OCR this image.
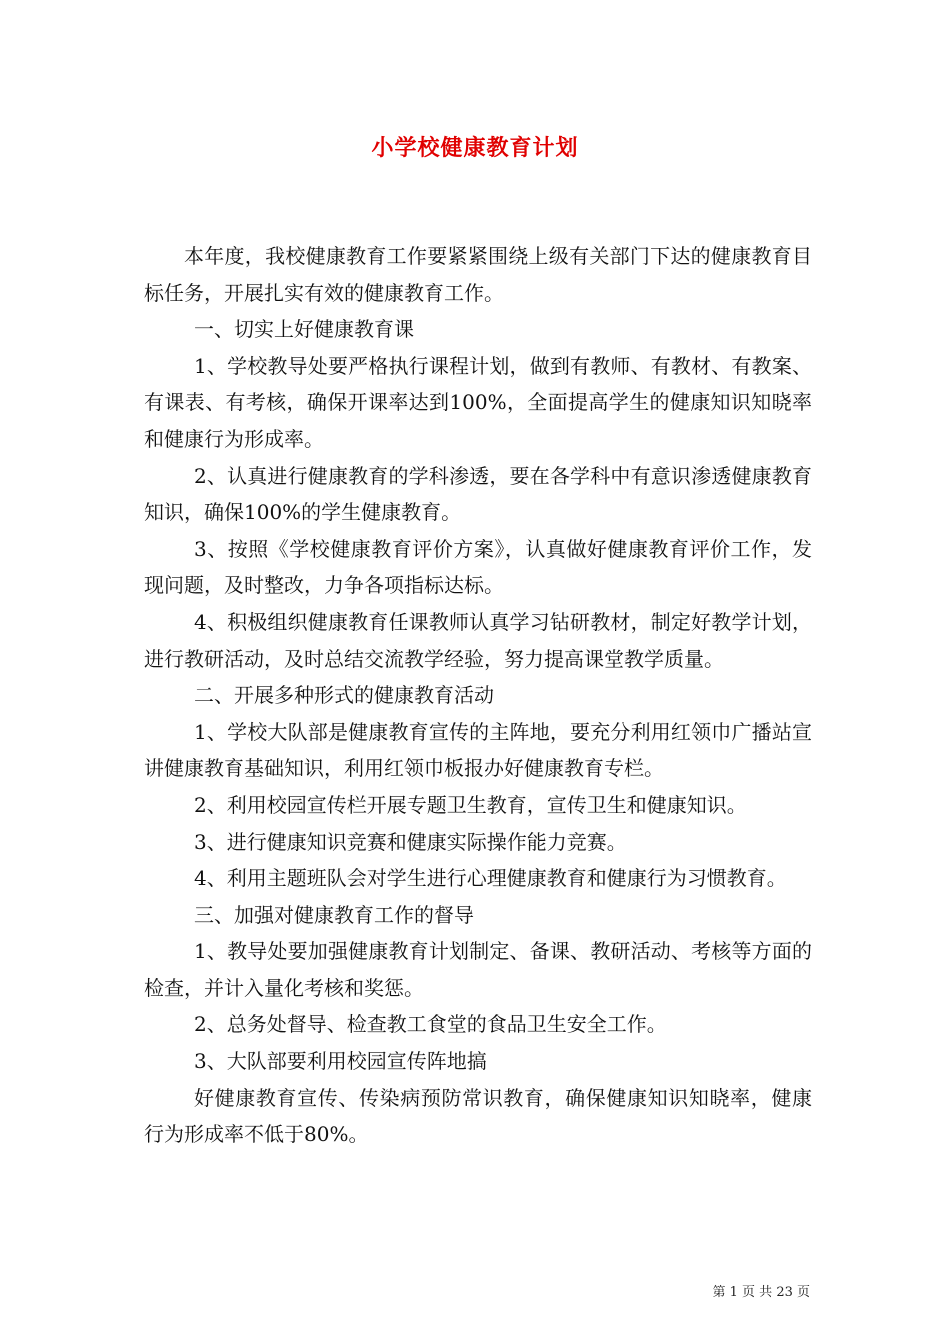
小学校健康教育计划

本年度，我校健康教育工作要紧紧围绕上级有关部门下达的健康教育目标任务，开展扎实有效的健康教育工作。

一、切实上好健康教育课

1、学校教导处要严格执行课程计划，做到有教师、有教材、有教案、有课表、有考核，确保开课率达到100%，全面提高学生的健康知识知晓率和健康行为形成率。

2、认真进行健康教育的学科渗透，要在各学科中有意识渗透健康教育知识，确保100%的学生健康教育。

3、按照《学校健康教育评价方案》，认真做好健康教育评价工作，发现问题，及时整改，力争各项指标达标。

4、积极组织健康教育任课教师认真学习钻研教材，制定好教学计划，进行教研活动，及时总结交流教学经验，努力提高课堂教学质量。

二、开展多种形式的健康教育活动

1、学校大队部是健康教育宣传的主阵地，要充分利用红领巾广播站宣讲健康教育基础知识，利用红领巾板报办好健康教育专栏。

2、利用校园宣传栏开展专题卫生教育，宣传卫生和健康知识。

3、进行健康知识竞赛和健康实际操作能力竞赛。

4、利用主题班队会对学生进行心理健康教育和健康行为习惯教育。

三、加强对健康教育工作的督导

1、教导处要加强健康教育计划制定、备课、教研活动、考核等方面的检查，并计入量化考核和奖惩。

2、总务处督导、检查教工食堂的食品卫生安全工作。

3、大队部要利用校园宣传阵地搞

好健康教育宣传、传染病预防常识教育，确保健康知识知晓率，健康行为形成率不低于80%。

第 1 页 共 23 页
